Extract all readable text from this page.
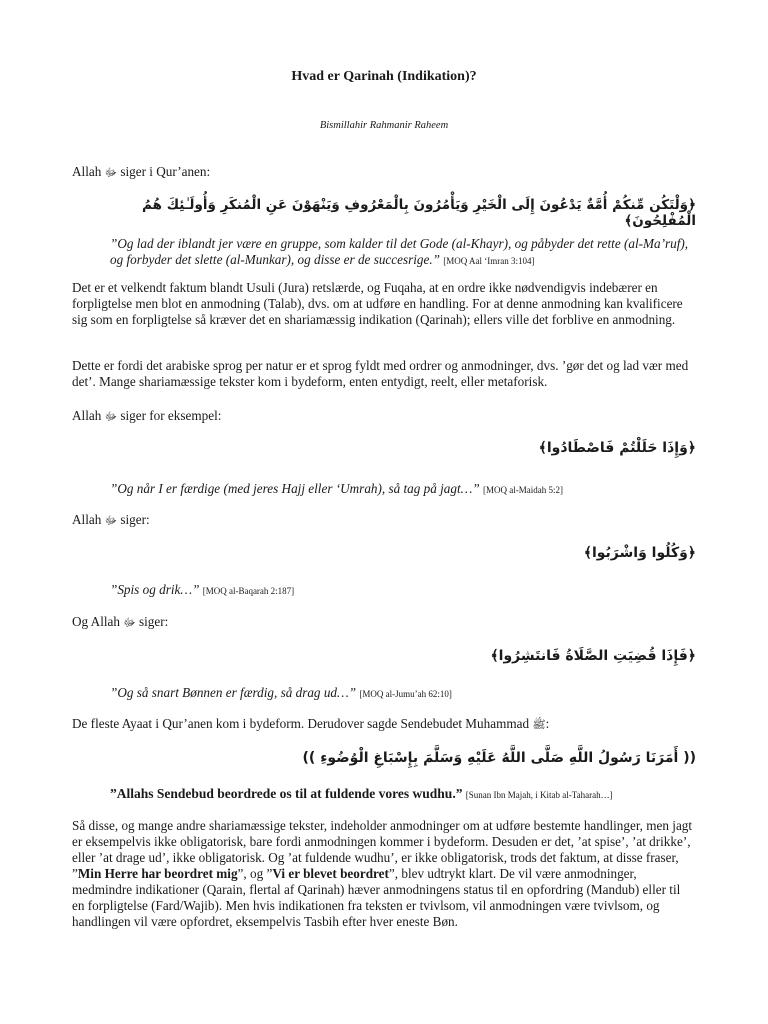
Hvad er Qarinah (Indikation)?
Bismillahir Rahmanir Raheem

Allah ﷻ siger i Qur’anen:

﴿وَلْتَكُن مِّنكُمْ أُمَّةٌ يَدْعُونَ إِلَى الْخَيْرِ وَيَأْمُرُونَ بِالْمَعْرُوفِ وَيَنْهَوْنَ عَنِ الْمُنكَرِ وَأُولَـٰئِكَ هُمُ الْمُفْلِحُونَ﴾

”Og lad der iblandt jer være en gruppe, som kalder til det Gode (al-Khayr), og påbyder det rette (al-Ma’ruf), og forbyder det slette (al-Munkar), og disse er de succesrige.” [MOQ Aal ‘Imran 3:104]

Det er et velkendt faktum blandt Usuli (Jura) retslærde, og Fuqaha, at en ordre ikke nødvendigvis indebærer en forpligtelse men blot en anmodning (Talab), dvs. om at udføre en handling. For at denne anmodning kan kvalificere sig som en forpligtelse så kræver det en shariamæssig indikation (Qarinah); ellers ville det forblive en anmodning.

Dette er fordi det arabiske sprog per natur er et sprog fyldt med ordrer og anmodninger, dvs. ’gør det og lad vær med det’. Mange shariamæssige tekster kom i bydeform, enten entydigt, reelt, eller metaforisk.

Allah ﷻ siger for eksempel:

﴿وَإِذَا حَلَلْتُمْ فَاصْطَادُوا﴾

”Og når I er færdige (med jeres Hajj eller ‘Umrah), så tag på jagt…” [MOQ al-Maidah 5:2]

Allah ﷻ siger:

﴿وَكُلُوا وَاشْرَبُوا﴾

”Spis og drik…” [MOQ al-Baqarah 2:187]

Og Allah ﷻ siger:

﴿فَإِذَا قُضِيَتِ الصَّلَاةُ فَانتَشِرُوا﴾

”Og så snart Bønnen er færdig, så drag ud…” [MOQ al-Jumu’ah 62:10]

De fleste Ayaat i Qur’anen kom i bydeform. Derudover sagde Sendebudet Muhammad ﷺ:

(( أَمَرَنَا رَسُولُ اللَّهِ صَلَّى اللَّهُ عَلَيْهِ وَسَلَّمَ بِإِسْبَاغِ الْوُضُوءِ ))

”Allahs Sendebud beordrede os til at fuldende vores wudhu.” [Sunan Ibn Majah, i Kitab al-Taharah…]

Så disse, og mange andre shariamæssige tekster, indeholder anmodninger om at udføre bestemte handlinger, men jagt er eksempelvis ikke obligatorisk, bare fordi anmodningen kommer i bydeform. Desuden er det, ’at spise’, ’at drikke’, eller ’at drage ud’, ikke obligatorisk. Og ’at fuldende wudhu’, er ikke obligatorisk, trods det faktum, at disse fraser, ”Min Herre har beordret mig”, og ”Vi er blevet beordret”, blev udtrykt klart. De vil være anmodninger, medmindre indikationer (Qarain, flertal af Qarinah) hæver anmodningens status til en opfordring (Mandub) eller til en forpligtelse (Fard/Wajib). Men hvis indikationen fra teksten er tvivlsom, vil anmodningen være tvivlsom, og handlingen vil være opfordret, eksempelvis Tasbih efter hver eneste Bøn.
